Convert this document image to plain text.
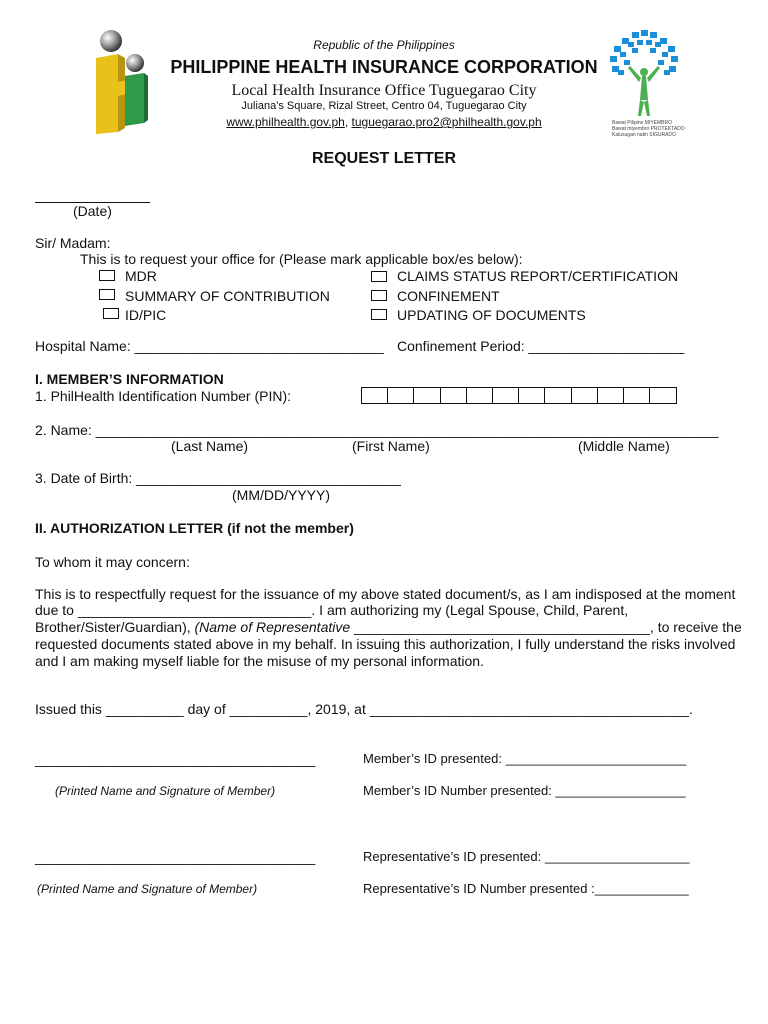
Bawat Pilipino MIYEMBRO
Bawat miyembro PROTEKTADO
Kalusugan natin SIGURADO
Republic of the Philippines
PHILIPPINE HEALTH INSURANCE CORPORATION
Local Health Insurance Office Tuguegarao City
Juliana's Square, Rizal Street, Centro 04, Tuguegarao City
www.philhealth.gov.ph, tuguegarao.pro2@philhealth.gov.ph
REQUEST LETTER
(Date)
Sir/ Madam:
This is to request your office for (Please mark applicable box/es below):
MDR
SUMMARY OF CONTRIBUTION
ID/PIC
CLAIMS STATUS REPORT/CERTIFICATION
CONFINEMENT
UPDATING OF DOCUMENTS
Hospital Name: ________________________________ Confinement Period: ____________________
I. MEMBER’S INFORMATION
1. PhilHealth Identification Number (PIN):
2. Name: ________________________________________________________________________________
(Last Name)	(First Name)	(Middle Name)
3. Date of Birth: __________________________________
(MM/DD/YYYY)
II. AUTHORIZATION LETTER (if not the member)
To whom it may concern:
This is to respectfully request for the issuance of my above stated document/s, as I am indisposed at the moment
due to ______________________________. I am authorizing my (Legal Spouse, Child, Parent,
Brother/Sister/Guardian), (Name of Representative ______________________________________, to receive the
requested documents stated above in my behalf. In issuing this authorization, I fully understand the risks involved
and I am making myself liable for the misuse of my personal information.
Issued this __________ day of __________, 2019, at _________________________________________.
____________________________________
(Printed Name and Signature of Member)
Member’s ID presented: _________________________
Member’s ID Number presented: __________________
____________________________________
(Printed Name and Signature of Member)
Representative’s ID presented: ____________________
Representative’s ID Number presented :_____________
